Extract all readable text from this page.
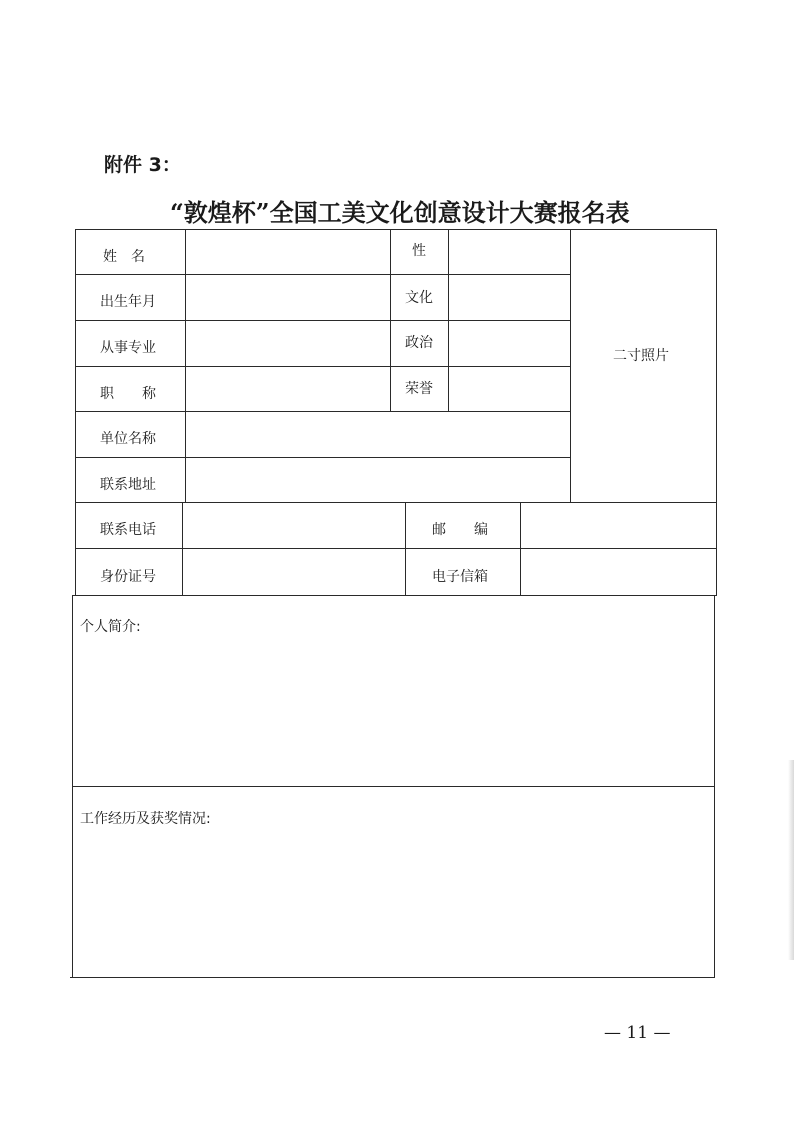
附件 3：
“敦煌杯”全国工美文化创意设计大赛报名表
姓　名	性
出生年月	文化
从事专业	政治
职　　称	荣誉
二寸照片
单位名称
联系地址
联系电话	邮　　编
身份证号	电子信箱
个人简介:
工作经历及获奖情况:
— 11 —
